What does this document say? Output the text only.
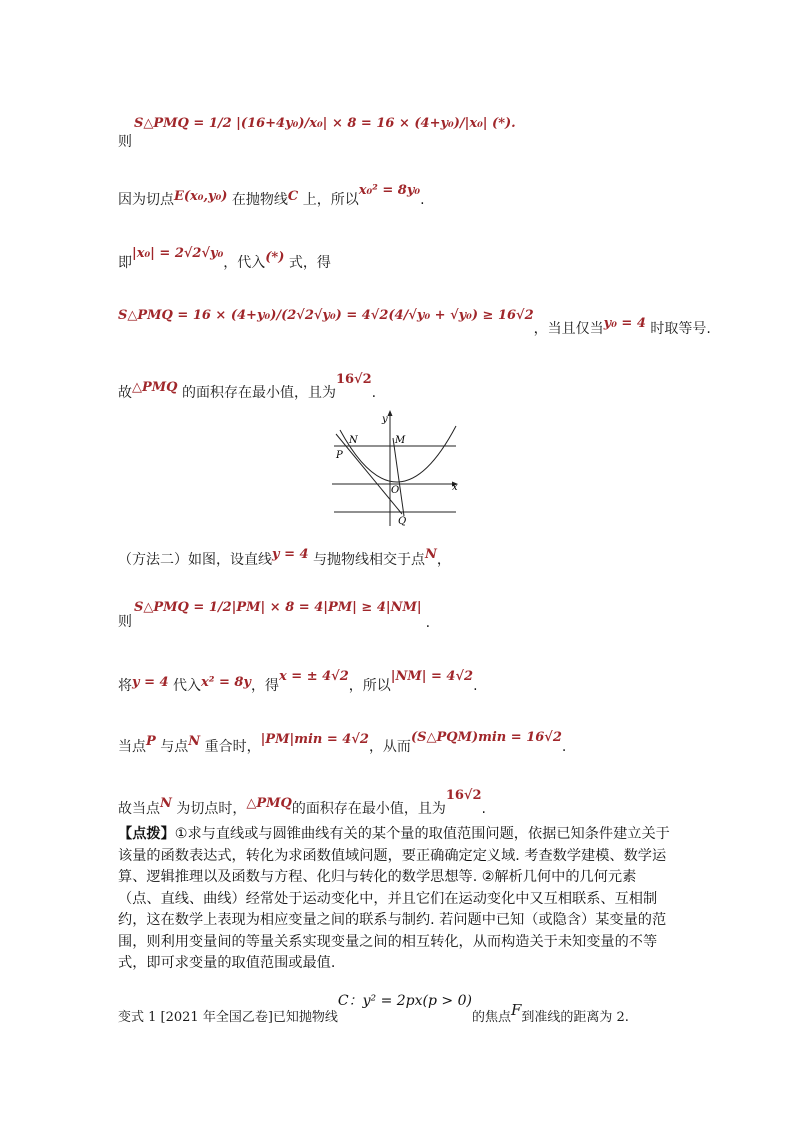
$_{S\triangle PMQ = 1/2 |(16+4y_0)/x_0| \times 8 = 16 \times (4+y_0)/|x_0| (*).}$
则
因为切点E(x₀,y₀) 在抛物线C 上，所以x₀² = 8y₀.
即|x₀| = 2√2√y₀，代入(*) 式，得
S△PMQ = 16 × (4+y₀)/(2√2√y₀) = 4√2(4/√y₀ + √y₀) ≥ 16√2，当且仅当y₀ = 4 时取等号.
故△PMQ 的面积存在最小值，且为16√2.
y
x
N	M
P
O
Q
（方法二）如图，设直线y = 4 与抛物线相交于点N，
S△PMQ = 1/2|PM| × 8 = 4|PM| ≥ 4|NM|.
则
将y = 4 代入x² = 8y，得x = ± 4√2，所以|NM| = 4√2.
当点P 与点N 重合时，|PM|min = 4√2，从而(S△PQM)min = 16√2.
故当点N 为切点时，△PMQ的面积存在最小值，且为16√2.
【点拨】①求与直线或与圆锥曲线有关的某个量的取值范围问题，依据已知条件建立关于该量的函数表达式，转化为求函数值域问题，要正确确定定义域. 考查数学建模、数学运算、逻辑推理以及函数与方程、化归与转化的数学思想等. ②解析几何中的几何元素（点、直线、曲线）经常处于运动变化中，并且它们在运动变化中又互相联系、互相制约，这在数学上表现为相应变量之间的联系与制约. 若问题中已知（或隐含）某变量的范围，则利用变量间的等量关系实现变量之间的相互转化，从而构造关于未知变量的不等式，即可求变量的取值范围或最值.
变式 1 [2021 年全国乙卷]已知抛物线C：y² = 2px(p > 0)的焦点F到准线的距离为 2.
